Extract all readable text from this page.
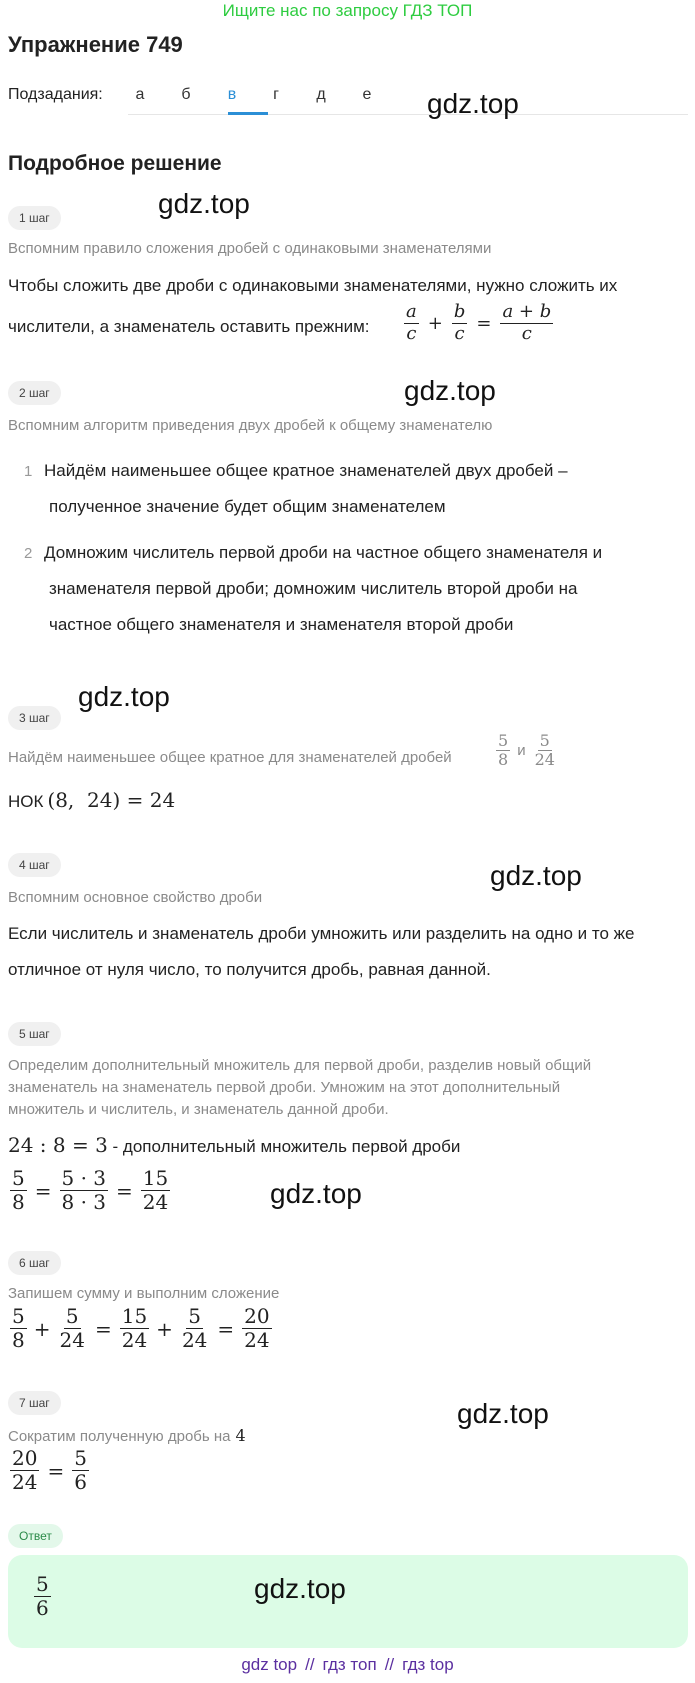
Ищите нас по запросу ГДЗ ТОП
Упражнение 749
Подзадания:	а	б	в	г	д	е	gdz.top
Подробное решение
1 шаг	gdz.top
Вспомним правило сложения дробей с одинаковыми знаменателями
Чтобы сложить две дроби с одинаковыми знаменателями, нужно сложить их
числители, а знаменатель оставить прежним: $\frac{a}{c} + \frac{b}{c} = \frac{a + b}{c}$
2 шаг	gdz.top
Вспомним алгоритм приведения двух дробей к общему знаменателю
1 Найдём наименьшее общее кратное знаменателей двух дробей –
полученное значение будет общим знаменателем
2 Домножим числитель первой дроби на частное общего знаменателя и
знаменателя первой дроби; домножим числитель второй дроби на
частное общего знаменателя и знаменателя второй дроби
3 шаг
gdz.top
Найдём наименьшее общее кратное для знаменателей дробей	$\frac{5}{8}$ и $\frac{5}{24}$
НОК (8,  24) = 24
4 шаг	gdz.top
Вспомним основное свойство дроби
Если числитель и знаменатель дроби умножить или разделить на одно и то же
отличное от нуля число, то получится дробь, равная данной.
5 шаг
Определим дополнительный множитель для первой дроби, разделив новый общий
знаменатель на знаменатель первой дроби. Умножим на этот дополнительный
множитель и числитель, и знаменатель данной дроби.
24 : 8 = 3 - дополнительный множитель первой дроби
$\frac{5}{8} = \frac{5 \cdot 3}{8 \cdot 3} = \frac{15}{24}$	gdz.top
6 шаг
Запишем сумму и выполним сложение
$\frac{5}{8} + \frac{5}{24} = \frac{15}{24} + \frac{5}{24} = \frac{20}{24}$
7 шаг	gdz.top
Сократим полученную дробь на 4
$\frac{20}{24} = \frac{5}{6}$
Ответ
$\frac{5}{6}$	gdz.top
gdz top // гдз топ // гдз top
